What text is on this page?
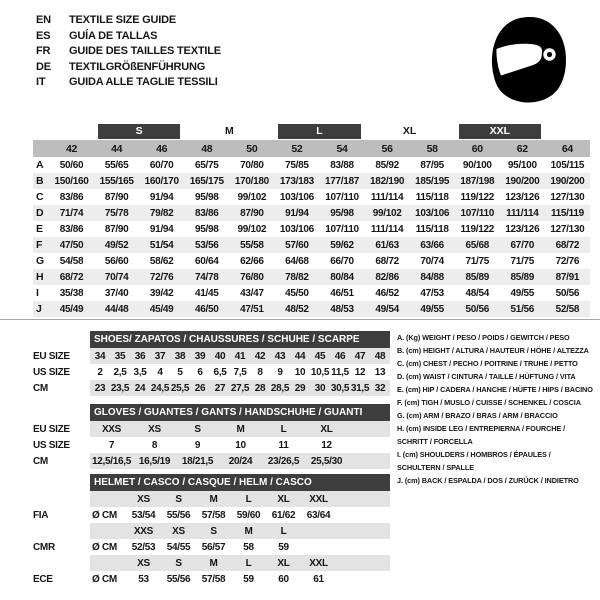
EN	TEXTILE SIZE GUIDE
ES	GUÍA DE TALLAS
FR	GUIDE DES TAILLES TEXTILE
DE	TEXTILGRÖßENFÜHRUNG
IT	GUIDA ALLE TAGLIE TESSILI

		S		M		L		XL		XXL		

	42	44	46	48	50	52	54	56	58	60	62	64
A	50/60	55/65	60/70	65/75	70/80	75/85	83/88	85/92	87/95	90/100	95/100	105/115
B	150/160	155/165	160/170	165/175	170/180	173/183	177/187	182/190	185/195	187/198	190/200	190/200
C	83/86	87/90	91/94	95/98	99/102	103/106	107/110	111/114	115/118	119/122	123/126	127/130
D	71/74	75/78	79/82	83/86	87/90	91/94	95/98	99/102	103/106	107/110	111/114	115/119
E	83/86	87/90	91/94	95/98	99/102	103/106	107/110	111/114	115/118	119/122	123/126	127/130
F	47/50	49/52	51/54	53/56	55/58	57/60	59/62	61/63	63/66	65/68	67/70	68/72
G	54/58	56/60	58/62	60/64	62/66	64/68	66/70	68/72	70/74	71/75	71/75	72/76
H	68/72	70/74	72/76	74/78	76/80	78/82	80/84	82/86	84/88	85/89	85/89	87/91
I	35/38	37/40	39/42	41/45	43/47	45/50	46/51	46/52	47/53	48/54	49/55	50/56
J	45/49	44/48	45/49	46/50	47/51	48/52	48/53	49/54	49/55	50/56	51/56	52/58
	SHOES/ ZAPATOS / CHAUSSURES / SCHUHE / SCARPE														
EU SIZE	34	35	36	37	38	39	40	41	42	43	44	45	46	47	48
US SIZE	2	2,5	3,5	4	5	6	6,5	7,5	8	9	10	10,5	11,5	12	13
CM	23	23,5	24	24,5	25,5	26	27	27,5	28	28,5	29	30	30,5	31,5	32
	GLOVES / GUANTES / GANTS / HANDSCHUHE / GUANTI						
EU SIZE	XXS	XS	S	M	L	XL	
US SIZE	7	8	9	10	11	12	
CM	12,5/16,5	16,5/19	18/21,5	20/24	23/26,5	25,5/30	
	HELMET / CASCO / CASQUE / HELM / CASCO							
		XS	S	M	L	XL	XXL	
FIA	Ø CM	53/54	55/56	57/58	59/60	61/62	63/64	
		XXS	XS	S	M	L		
CMR	Ø CM	52/53	54/55	56/57	58	59		
		XS	S	M	L	XL	XXL	
ECE	Ø CM	53	55/56	57/58	59	60	61	
A. (Kg) WEIGHT / PESO / POIDS / GEWITCH / PESO
B. (cm) HEIGHT / ALTURA / HAUTEUR / HÖHE / ALTEZZA
C. (cm) CHEST / PECHO / POITRINE / TRUHE / PETTO
D. (cm) WAIST / CINTURA / TAILLE / HÜFTUNG / VITA
E. (cm) HIP / CADERA / HANCHE / HÜFTE / HIPS / BACINO
F. (cm) TIGH / MUSLO / CUISSE / SCHENKEL / COSCIA
G. (cm) ARM / BRAZO / BRAS / ARM / BRACCIO
H. (cm) INSIDE LEG / ENTREPIERNA / FOURCHE /
SCHRITT / FORCELLA
I. (cm) SHOULDERS / HOMBROS / ÉPAULES /
SCHULTERN / SPALLE
J. (cm) BACK / ESPALDA / DOS / ZURÜCK / INDIETRO
